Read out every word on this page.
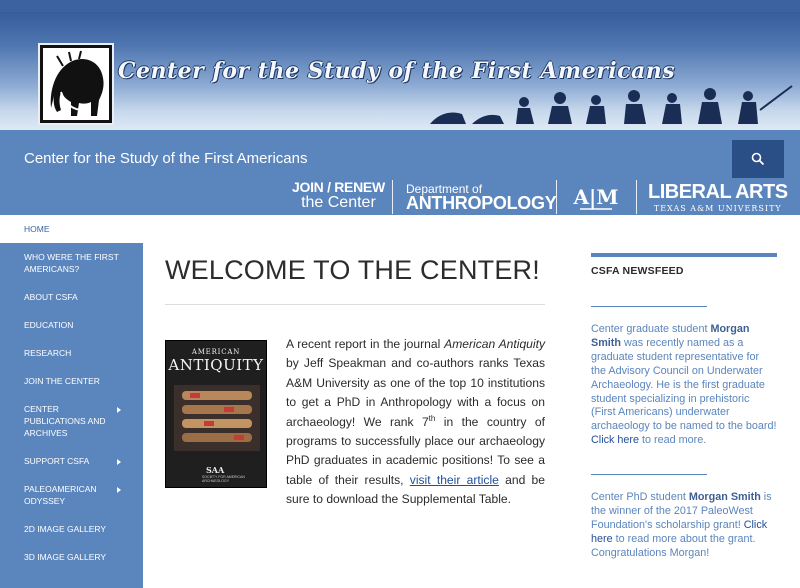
Center for the Study of the First Americans
Center for the Study of the First Americans
JOIN / RENEW
the Center
Department of
ANTHROPOLOGY A|M LIBERAL ARTS
TEXAS A&M UNIVERSITY
HOME
WHO WERE THE FIRST AMERICANS?
ABOUT CSFA
EDUCATION
RESEARCH
JOIN THE CENTER
CENTER PUBLICATIONS AND ARCHIVES
SUPPORT CSFA
PALEOAMERICAN ODYSSEY
2D IMAGE GALLERY
3D IMAGE GALLERY
WELCOME TO THE CENTER!
A recent report in the journal American Antiquity by Jeff Speakman and co-authors ranks Texas A&M University as one of the top 10 institutions to get a PhD in Anthropology with a focus on archaeology! We rank 7th in the country of programs to successfully place our archaeology PhD graduates in academic positions! To see a table of their results, visit their article and be sure to download the Supplemental Table.
AMERICAN
ANTIQUITY
SAA
SOCIETY FOR AMERICAN ARCHAEOLOGY
CSFA NEWSFEED
Center graduate student Morgan Smith was recently named as a graduate student representative for the Advisory Council on Underwater Archaeology. He is the first graduate student specializing in prehistoric (First Americans) underwater archaeology to be named to the board! Click here to read more.
Center PhD student Morgan Smith is the winner of the 2017 PaleoWest Foundation's scholarship grant! Click here to read more about the grant. Congratulations Morgan!
